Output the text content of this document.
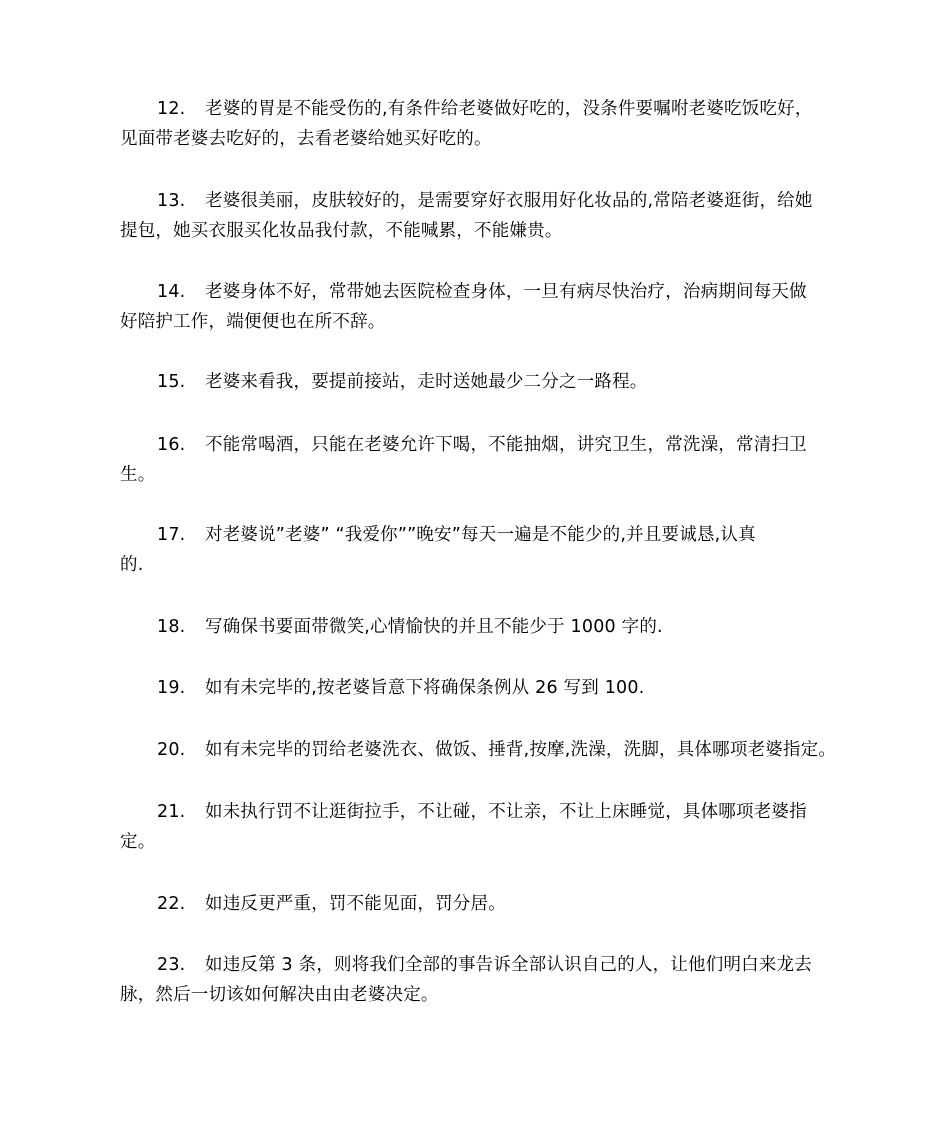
12. 老婆的胃是不能受伤的,有条件给老婆做好吃的，没条件要嘱咐老婆吃饭吃好，
见面带老婆去吃好的，去看老婆给她买好吃的。
13. 老婆很美丽，皮肤较好的，是需要穿好衣服用好化妆品的,常陪老婆逛街，给她
提包，她买衣服买化妆品我付款，不能喊累，不能嫌贵。
14. 老婆身体不好，常带她去医院检查身体，一旦有病尽快治疗，治病期间每天做
好陪护工作，端便便也在所不辞。
15. 老婆来看我，要提前接站，走时送她最少二分之一路程。
16. 不能常喝酒，只能在老婆允许下喝，不能抽烟，讲究卫生，常洗澡，常清扫卫
生。
17. 对老婆说”老婆” “我爱你””晚安”每天一遍是不能少的,并且要诚恳,认真
的.
18. 写确保书要面带微笑,心情愉快的并且不能少于 1000 字的.
19. 如有未完毕的,按老婆旨意下将确保条例从 26 写到 100.
20. 如有未完毕的罚给老婆洗衣、做饭、捶背,按摩,洗澡，洗脚，具体哪项老婆指定。
21. 如未执行罚不让逛街拉手，不让碰，不让亲，不让上床睡觉，具体哪项老婆指
定。
22. 如违反更严重，罚不能见面，罚分居。
23. 如违反第 3 条，则将我们全部的事告诉全部认识自己的人，让他们明白来龙去
脉，然后一切该如何解决由由老婆决定。
